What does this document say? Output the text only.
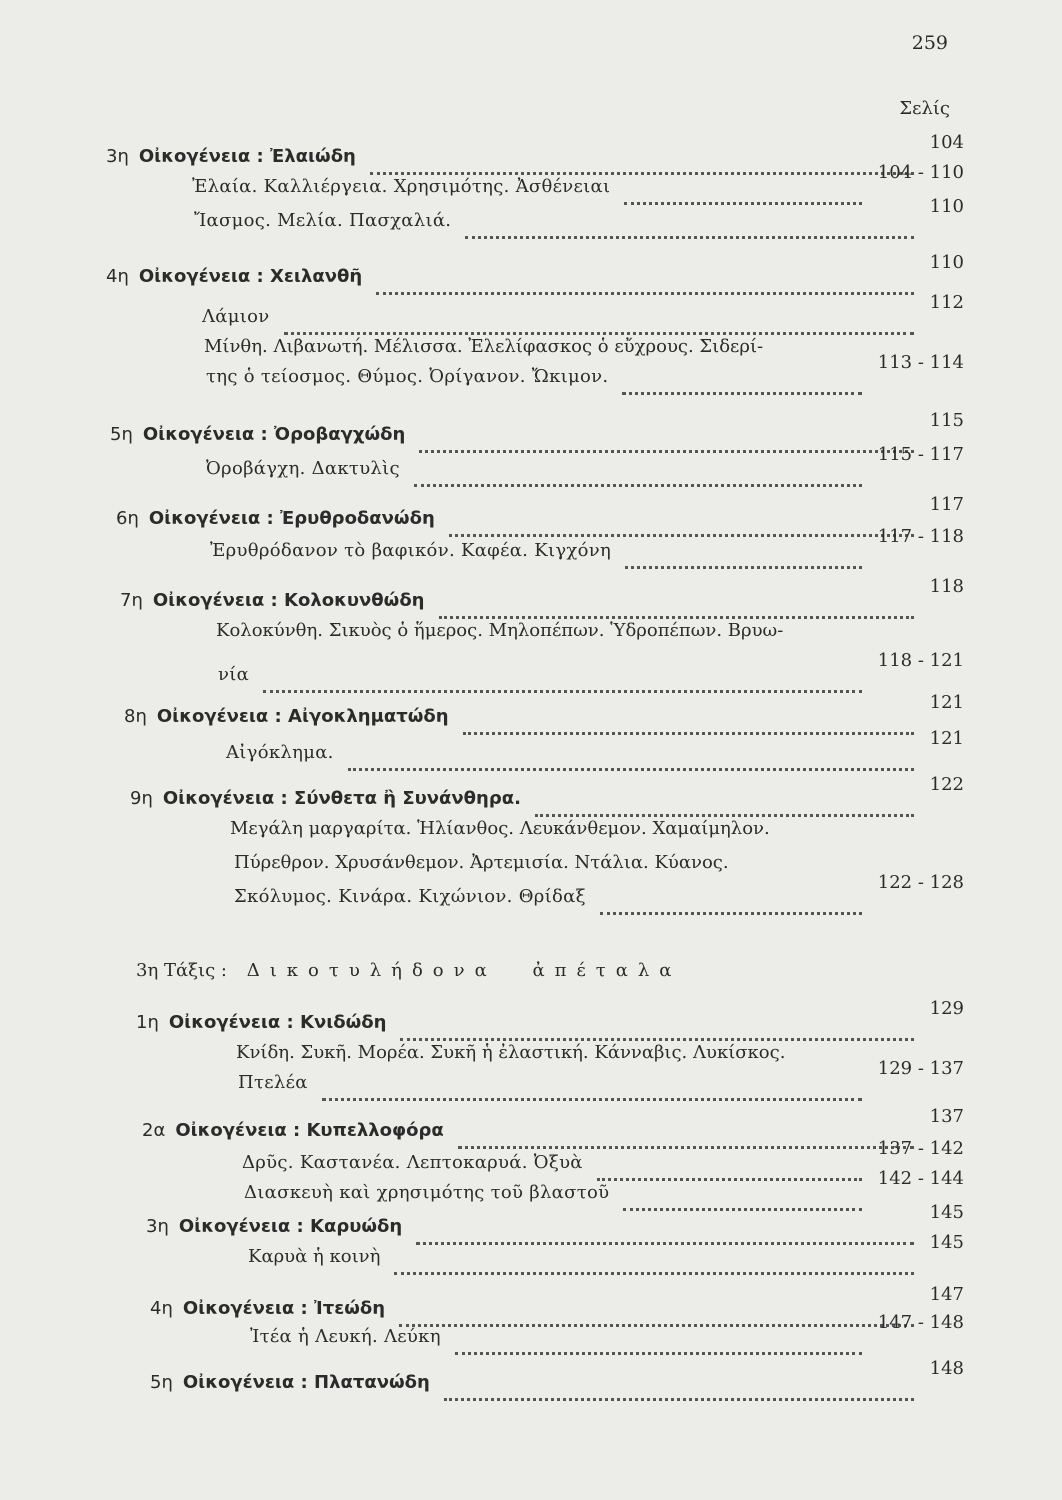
259
Σελίς
3η Οἰκογένεια : Ἐλαιώδη
104
Ἐλαία. Καλλιέργεια. Χρησιμότης. Ἀσθένειαι
104 - 110
Ἴασμος. Μελία. Πασχαλιά.
110
4η Οἰκογένεια : Χειλανθῆ
110
Λάμιον
112
Μίνθη. Λιβανωτή. Μέλισσα. Ἐλελίφασκος ὁ εὔχρους. Σιδερί-
της ὁ τείοσμος. Θύμος. Ὀρίγανον. Ὤκιμον.
113 - 114
5η Οἰκογένεια : Ὀροβαγχώδη
115
Ὀροβάγχη. Δακτυλὶς
115 - 117
6η Οἰκογένεια : Ἐρυθροδανώδη
117
Ἐρυθρόδανον τὸ βαφικόν. Καφέα. Κιγχόνη
117 - 118
7η Οἰκογένεια : Κολοκυνθώδη
118
Κολοκύνθη. Σικυὸς ὁ ἥμερος. Μηλοπέπων. Ὑδροπέπων. Βρυω-
νία
118 - 121
8η Οἰκογένεια : Αἰγοκληματώδη
121
Αἰγόκλημα.
121
9η Οἰκογένεια : Σύνθετα ἢ Συνάνθηρα.
122
Μεγάλη μαργαρίτα. Ἡλίανθος. Λευκάνθεμον. Χαμαίμηλον.
Πύρεθρον. Χρυσάνθεμον. Ἀρτεμισία. Ντάλια. Κύανος.
Σκόλυμος. Κινάρα. Κιχώνιον. Θρίδαξ
122 - 128
1η Οἰκογένεια : Κνιδώδη
129
Κνίδη. Συκῆ. Μορέα. Συκῆ ἡ ἐλαστική. Κάνναβις. Λυκίσκος.
Πτελέα
129 - 137
2α Οἰκογένεια : Κυπελλοφόρα
137
Δρῦς. Καστανέα. Λεπτοκαρυά. Ὀξυὰ
137 - 142
Διασκευὴ καὶ χρησιμότης τοῦ βλαστοῦ
142 - 144
3η Οἰκογένεια : Καρυώδη
145
Καρυὰ ἡ κοινὴ
145
4η Οἰκογένεια : Ἰτεώδη
147
Ἰτέα ἡ Λευκή. Λεύκη
147 - 148
5η Οἰκογένεια : Πλατανώδη
148
3η Τάξις : Δικοτυλήδονα ἀπέταλα
